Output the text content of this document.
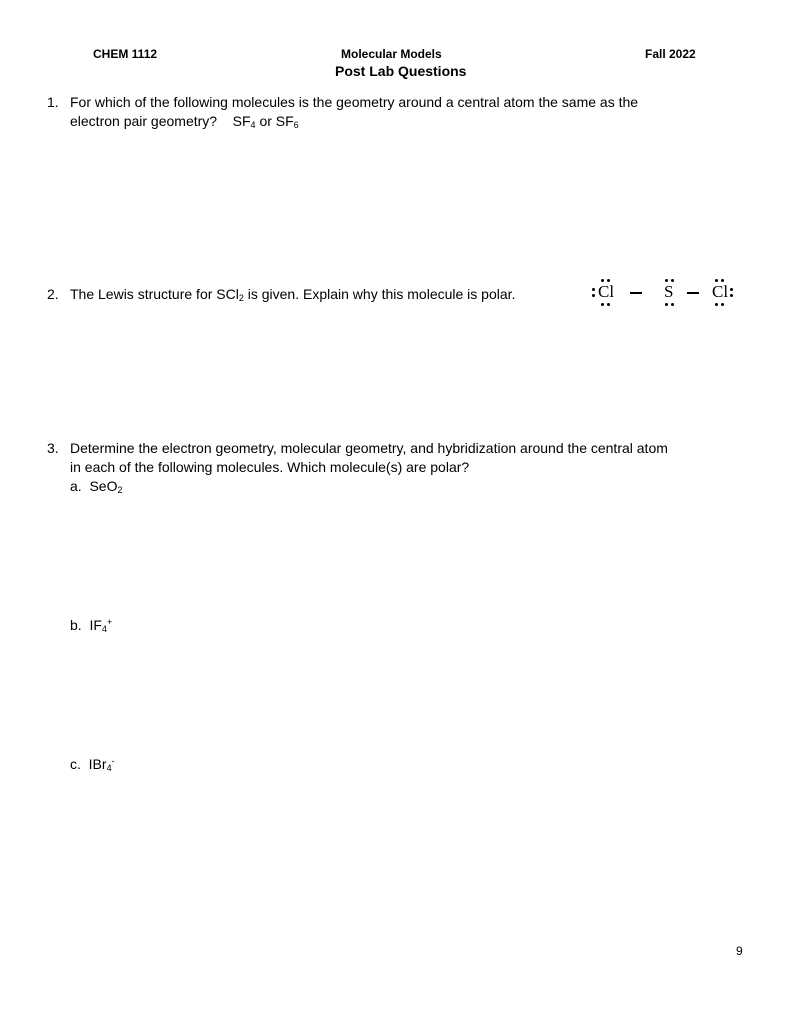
CHEM 1112	Molecular Models	Fall 2022
Post Lab Questions
1. For which of the following molecules is the geometry around a central atom the same as the
electron pair geometry? $SF_4$ or $SF_6$
2. The Lewis structure for SCl$_2$ is given. Explain why this molecule is polar.	Cl	S Cl
3. Determine the electron geometry, molecular geometry, and hybridization around the central atom
in each of the following molecules. Which molecule(s) are polar?
a. SeO$_2$
b. $IF_4^+$
c. IBr$_4$-
9
